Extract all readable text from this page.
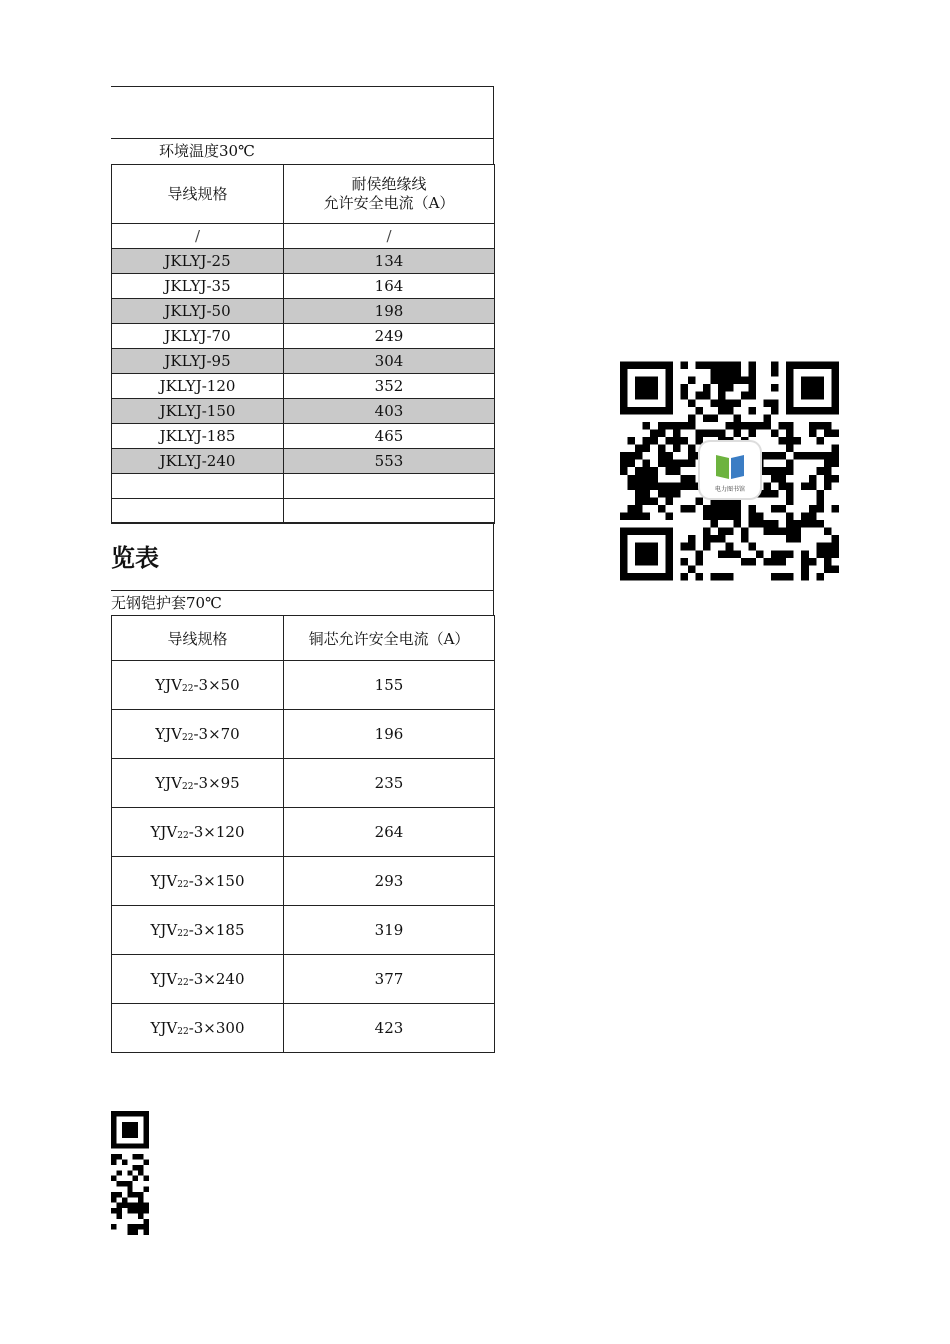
环境温度30℃
导线规格	耐侯绝缘线
允许安全电流（A）

/	/
JKLYJ-25	134
JKLYJ-35	164
JKLYJ-50	198
JKLYJ-70	249
JKLYJ-95	304
JKLYJ-120	352
JKLYJ-150	403
JKLYJ-185	465
JKLYJ-240	553

览表
无钢铠护套70℃
导线规格	铜芯允许安全电流（A）
$YJV_{22}-3\times 50$	155
$YJV_{22}-3\times 70$	196
$YJV_{22}-3\times 95$	235
$YJV_{22}-3\times 120$	264
$YJV_{22}-3\times 150$	293
$YJV_{22}-3\times 185$	319
$YJV_{22}-3\times 240$	377
$YJV_{22}-3\times 300$	423
电力图书馆
